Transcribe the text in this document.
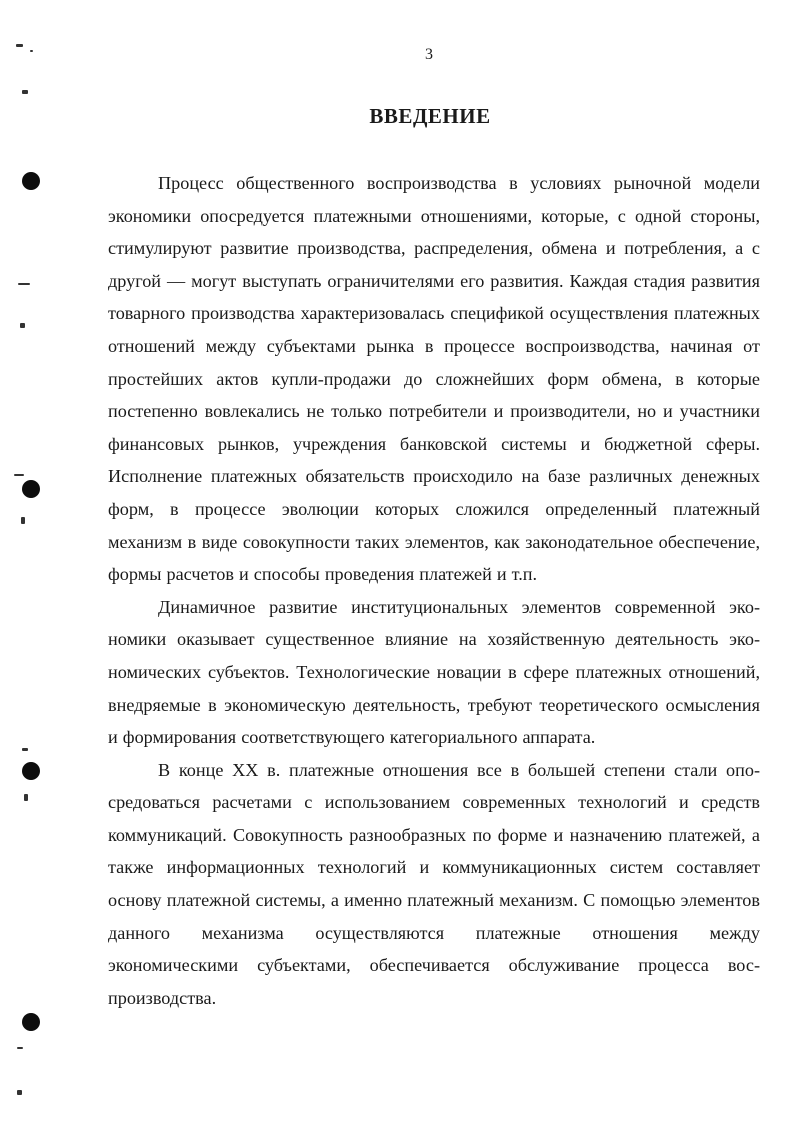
3
ВВЕДЕНИЕ

Процесс общественного воспроизводства в условиях рыночной модели экономики опосредуется платежными отношениями, которые, с одной стороны, стимулируют развитие производства, распределения, обмена и потребления, а с другой — могут выступать ограничителями его развития. Каждая стадия развития товарного производства характеризовалась спецификой осуществления платежных отношений между субъектами рынка в процессе воспроизводства, начиная от простейших актов купли-продажи до сложнейших форм обмена, в которые постепенно вовлекались не только потребители и производители, но и участники финансовых рынков, учреждения банковской системы и бюджетной сферы. Исполнение платежных обязательств происходило на базе различных денежных форм, в процессе эволюции которых сложился определенный платежный механизм в виде совокупности таких элементов, как законодательное обеспечение, формы расчетов и способы проведения платежей и т.п.

Динамичное развитие институциональных элементов современной экономики оказывает существенное влияние на хозяйственную деятельность экономических субъектов. Технологические новации в сфере платежных отношений, внедряемые в экономическую деятельность, требуют теоретического осмысления и формирования соответствующего категориального аппарата.

В конце XX в. платежные отношения все в большей степени стали опосредоваться расчетами с использованием современных технологий и средств коммуникаций. Совокупность разнообразных по форме и назначению платежей, а также информационных технологий и коммуникационных систем составляет основу платежной системы, а именно платежный механизм. С помощью элементов данного механизма осуществляются платежные отношения между экономическими субъектами, обеспечивается обслуживание процесса воспроизводства.
